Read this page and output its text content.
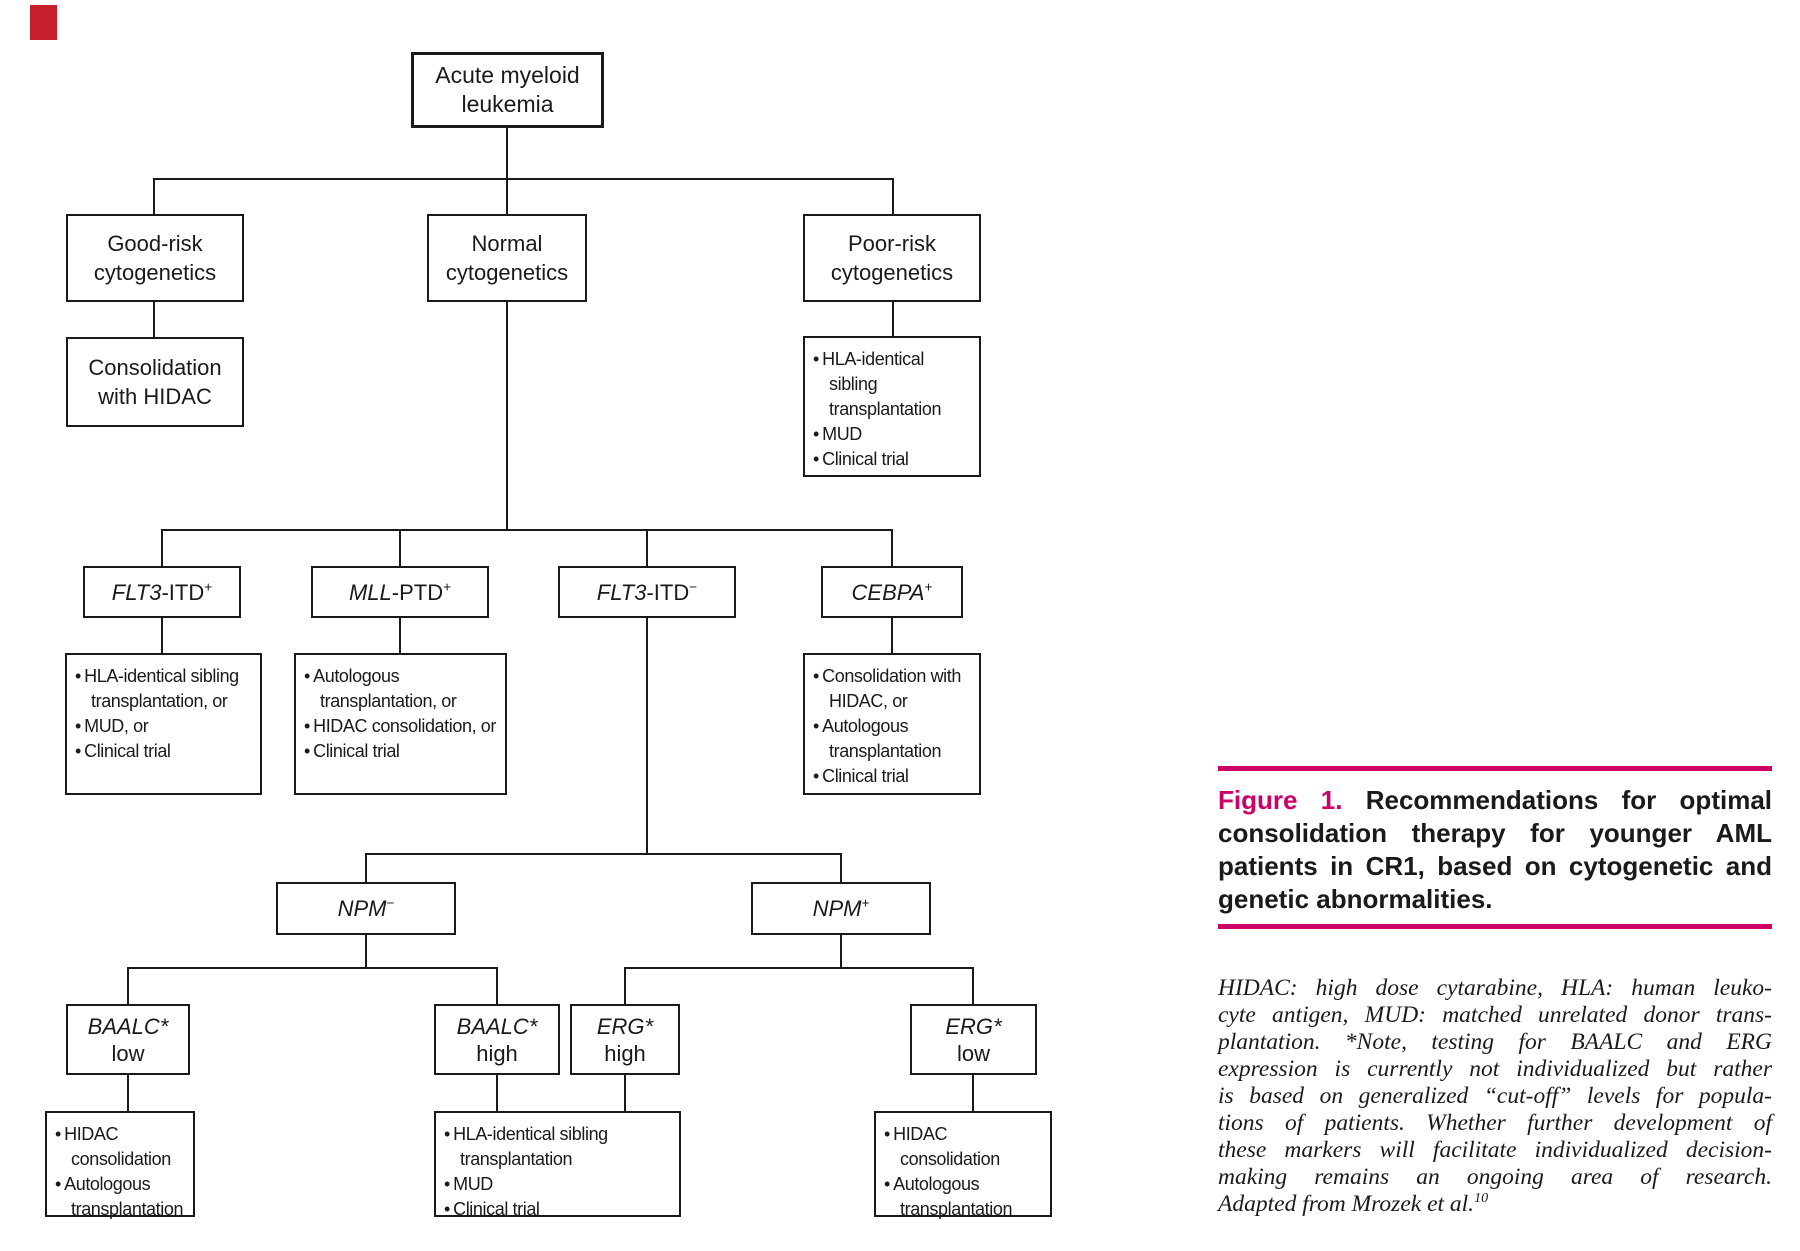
Acute myeloid
leukemia
Good-risk
cytogenetics
Normal
cytogenetics
Poor-risk
cytogenetics
Consolidation
with HIDAC
• HLA-identical sibling transplantation
• MUD
• Clinical trial
FLT3-ITD+	MLL-PTD+	FLT3-ITD−	CEBPA+
• HLA-identical sibling transplantation, or
• MUD, or
• Clinical trial
• Autologous transplantation, or
• HIDAC consolidation, or
• Clinical trial
• Consolidation with HIDAC, or
• Autologous transplantation
• Clinical trial
NPM−	NPM+
BAALC*
low
BAALC*
high
ERG*
high
ERG*
low
• HIDAC consolidation
• Autologous transplantation
• HLA-identical sibling transplantation
• MUD
• Clinical trial
• HIDAC consolidation
• Autologous transplantation
Figure 1. Recommendations for optimal
consolidation therapy for younger AML
patients in CR1, based on cytogenetic and
genetic abnormalities.
HIDAC: high dose cytarabine, HLA: human leuko-
cyte antigen, MUD: matched unrelated donor trans-
plantation. *Note, testing for BAALC and ERG
expression is currently not individualized but rather
is based on generalized “cut-off” levels for popula-
tions of patients. Whether further development of
these markers will facilitate individualized decision-
making remains an ongoing area of research.
Adapted from Mrozek et al.$^{10}$
